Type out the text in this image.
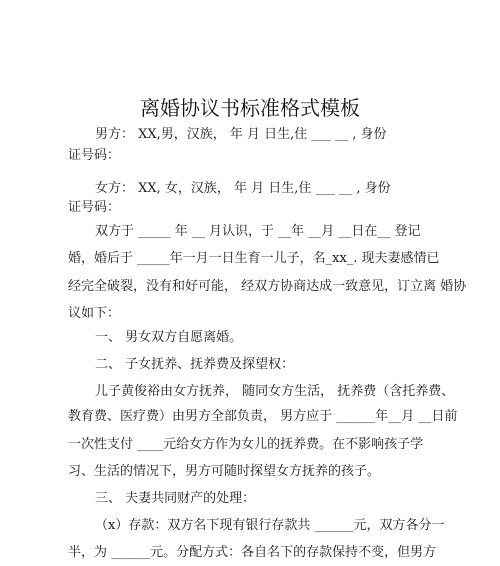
离婚协议书标准格式模板
男方： XX,男，汉族， 年 月 日生,住 ___ __ , 身份
证号码：
女方： XX, 女，汉族， 年 月 日生,住 ___ __ , 身份
证号码：
双方于 _____ 年 __ 月认识，于 __年 __月 __日在__ 登记
婚，婚后于 _____年一月一日生育一儿子，名_xx_. 现夫妻感情已
经完全破裂，没有和好可能， 经双方协商达成一致意见，订立离 婚协
议如下：
一、 男女双方自愿离婚。
二、 子女抚养、抚养费及探望权：
儿子黄俊裕由女方抚养， 随同女方生活， 抚养费（含托养费、
教育费、医疗费）由男方全部负责， 男方应于 ______年__月 __日前
一次性支付 ____元给女方作为女儿的抚养费。在不影响孩子学
习、生活的情况下，男方可随时探望女方抚养的孩子。
三、 夫妻共同财产的处理：
（x）存款：双方名下现有银行存款共 ______元，双方各分一
半，为 ______元。分配方式：各自名下的存款保持不变，但男方
